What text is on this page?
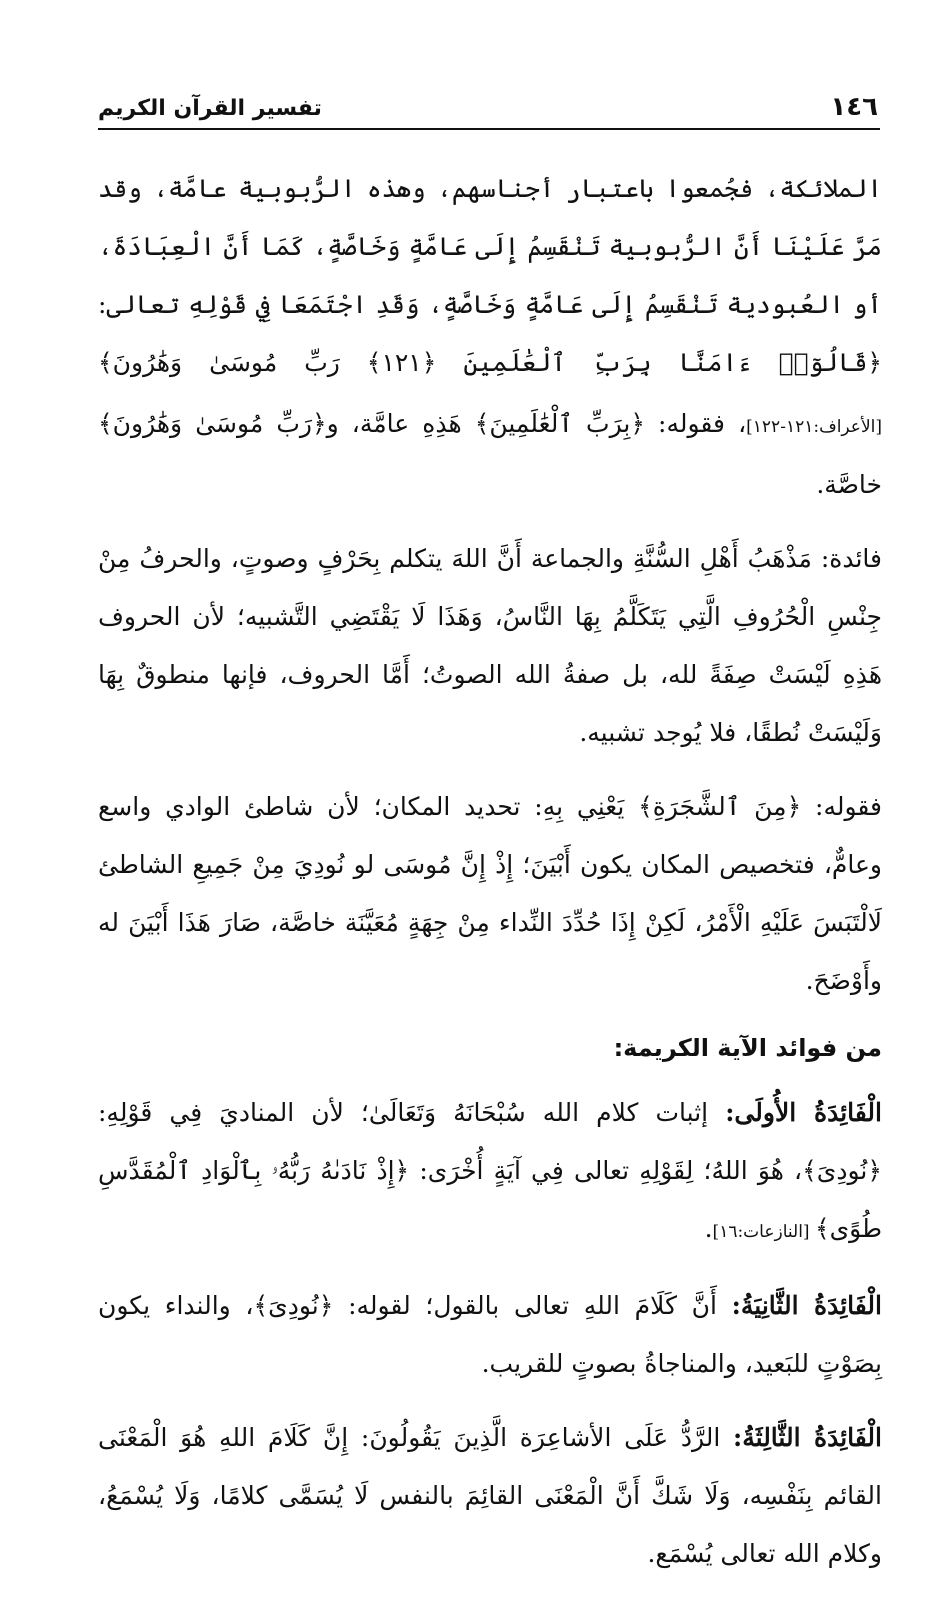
١٤٦
تفسير القرآن الكريم

الملائكة، فجُمعوا باعتبار أجناسهم، وهذه الرُّبوبية عامَّة، وقد مَرَّ عَلَيْنَا أَنَّ الرُّبوبية تَنْقَسِمُ إِلَى عَامَّةٍ وَخَاصَّةٍ، كَمَا أَنَّ الْعِبَادَةَ، أو العُبودية تَنْقَسِمُ إِلَى عَامَّةٍ وَخَاصَّةٍ، وَقَدِ اجْتَمَعَا فِي قَوْلِهِ تعالى: ﴿قَالُوٓا۟ ءَامَنَّا بِرَبِّ ٱلْعَٰلَمِينَ ﴿١٢١﴾ رَبِّ مُوسَىٰ وَهَٰرُونَ﴾ [الأعراف:١٢١-١٢٢]، فقوله: ﴿بِرَبِّ ٱلْعَٰلَمِينَ﴾ هَذِهِ عامَّة، و﴿رَبِّ مُوسَىٰ وَهَٰرُونَ﴾ خاصَّة.

فائدة: مَذْهَبُ أَهْلِ السُّنَّةِ والجماعة أَنَّ اللهَ يتكلم بِحَرْفٍ وصوتٍ، والحرفُ مِنْ جِنْسِ الْحُرُوفِ الَّتِي يَتَكَلَّمُ بِهَا النَّاسُ، وَهَذَا لَا يَقْتَضِي التَّشبيه؛ لأن الحروف هَذِهِ لَيْسَتْ صِفَةً لله، بل صفةُ الله الصوتُ؛ أَمَّا الحروف، فإنها منطوقٌ بِهَا وَلَيْسَتْ نُطقًا، فلا يُوجد تشبيه.

فقوله: ﴿مِنَ ٱلشَّجَرَةِ﴾ يَعْنِي بِهِ: تحديد المكان؛ لأن شاطئ الوادي واسع وعامٌّ، فتخصيص المكان يكون أَبْيَنَ؛ إِذْ إِنَّ مُوسَى لو نُودِيَ مِنْ جَمِيعِ الشاطئ لَالْتَبَسَ عَلَيْهِ الْأَمْرُ، لَكِنْ إِذَا حُدِّدَ النِّداء مِنْ جِهَةٍ مُعَيَّنَة خاصَّة، صَارَ هَذَا أَبْيَنَ له وأَوْضَحَ.

من فوائد الآية الكريمة:

الْفَائِدَةُ الأُولَى: إثبات كلام الله سُبْحَانَهُ وَتَعَالَىٰ؛ لأن المناديَ فِي قَوْلِهِ: ﴿نُودِىَ﴾، هُوَ اللهُ؛ لِقَوْلِهِ تعالى فِي آيَةٍ أُخْرَى: ﴿إِذْ نَادَىٰهُ رَبُّهُۥ بِٱلْوَادِ ٱلْمُقَدَّسِ طُوًى﴾ [النازعات:١٦].

الْفَائِدَةُ الثَّانِيَةُ: أَنَّ كَلَامَ اللهِ تعالى بالقول؛ لقوله: ﴿نُودِىَ﴾، والنداء يكون بِصَوْتٍ للبَعيد، والمناجاةُ بصوتٍ للقريب.

الْفَائِدَةُ الثَّالِثَةُ: الرَّدُّ عَلَى الأشاعِرَة الَّذِينَ يَقُولُونَ: إِنَّ كَلَامَ اللهِ هُوَ الْمَعْنَى القائم بِنَفْسِه، وَلَا شَكَّ أَنَّ الْمَعْنَى القائِمَ بالنفس لَا يُسَمَّى كلامًا، وَلَا يُسْمَعُ، وكلام الله تعالى يُسْمَع.
